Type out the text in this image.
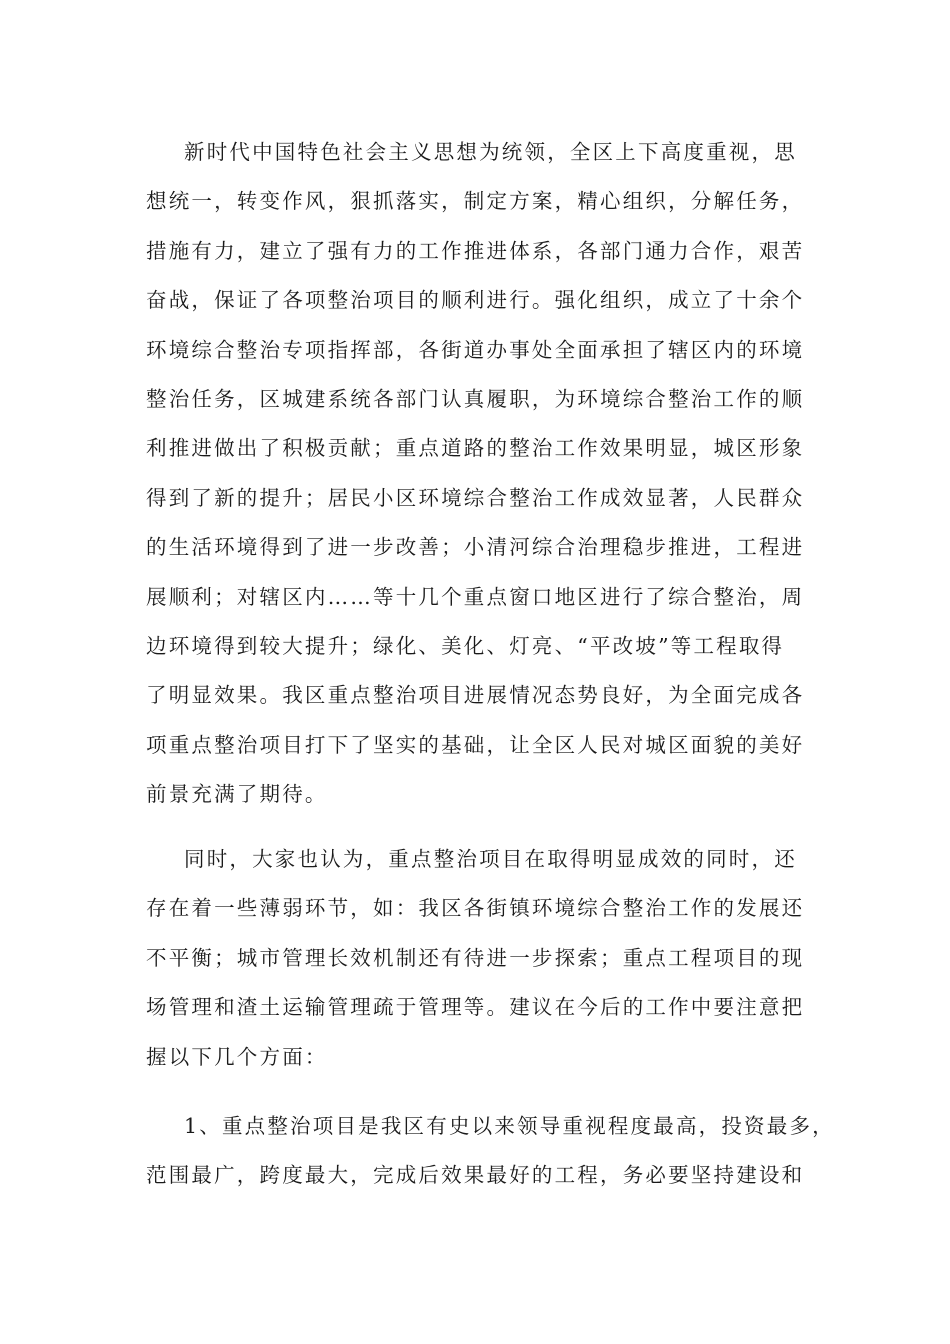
新时代中国特色社会主义思想为统领，全区上下高度重视，思
想统一，转变作风，狠抓落实，制定方案，精心组织，分解任务，
措施有力，建立了强有力的工作推进体系，各部门通力合作，艰苦
奋战，保证了各项整治项目的顺利进行。强化组织，成立了十余个
环境综合整治专项指挥部，各街道办事处全面承担了辖区内的环境
整治任务，区城建系统各部门认真履职，为环境综合整治工作的顺
利推进做出了积极贡献；重点道路的整治工作效果明显，城区形象
得到了新的提升；居民小区环境综合整治工作成效显著，人民群众
的生活环境得到了进一步改善；小清河综合治理稳步推进，工程进
展顺利；对辖区内……等十几个重点窗口地区进行了综合整治，周
边环境得到较大提升；绿化、美化、灯亮、“平改坡”等工程取得
了明显效果。我区重点整治项目进展情况态势良好，为全面完成各
项重点整治项目打下了坚实的基础，让全区人民对城区面貌的美好
前景充满了期待。
同时，大家也认为，重点整治项目在取得明显成效的同时，还
存在着一些薄弱环节，如：我区各街镇环境综合整治工作的发展还
不平衡；城市管理长效机制还有待进一步探索；重点工程项目的现
场管理和渣土运输管理疏于管理等。建议在今后的工作中要注意把
握以下几个方面：
1、重点整治项目是我区有史以来领导重视程度最高，投资最多，
范围最广，跨度最大，完成后效果最好的工程，务必要坚持建设和
